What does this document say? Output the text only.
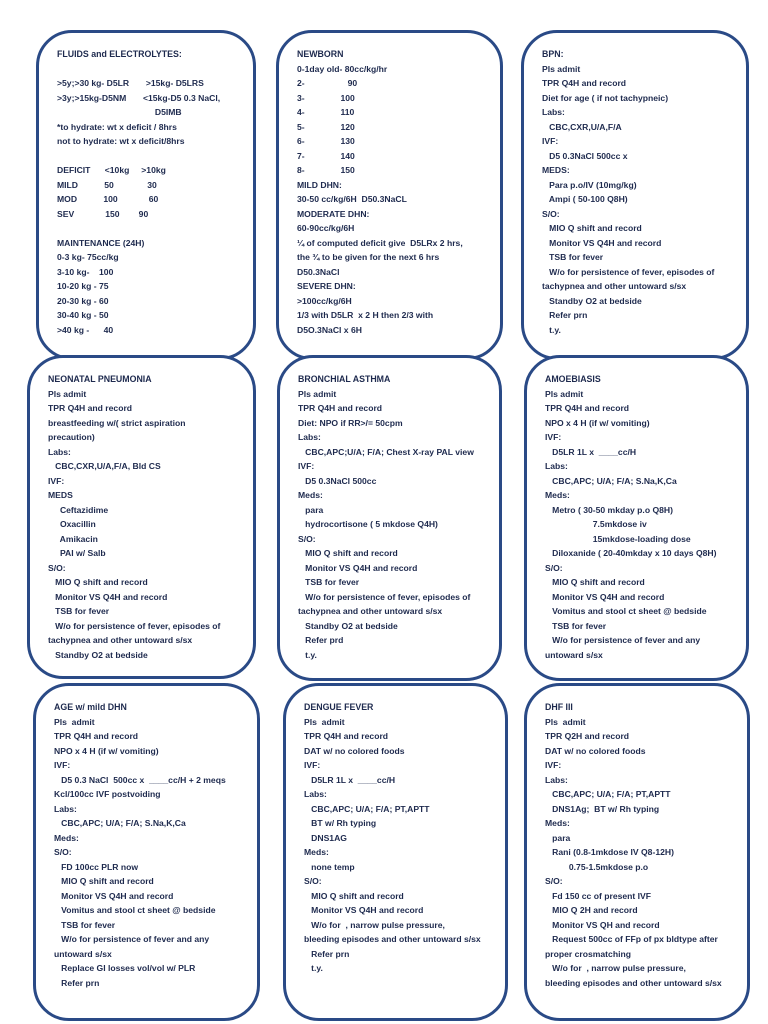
FLUIDS and ELECTROLYTES:

>5y;>30 kg- D5LR       >15kg- D5LRS
>3y;>15kg-D5NM       <15kg-D5 0.3 NaCl,
D5IMB
*to hydrate: wt x deficit / 8hrs
not to hydrate: wt x deficit/8hrs

DEFICIT      <10kg     >10kg
MILD           50              30
MOD           100             60
SEV             150        90

MAINTENANCE (24H)
0-3 kg- 75cc/kg
3-10 kg-    100
10-20 kg - 75
20-30 kg - 60
30-40 kg - 50
>40 kg -      40
NEWBORN
0-1day old- 80cc/kg/hr
2-                  90
3-               100
4-               110
5-               120
6-               130
7-               140
8-               150
MILD DHN:
30-50 cc/kg/6H  D50.3NaCL
MODERATE DHN:
60-90cc/kg/6H
¼ of computed deficit give  D5LRx 2 hrs,
the ¾ to be given for the next 6 hrs
D50.3NaCl
SEVERE DHN:
>100cc/kg/6H
1/3 with D5LR  x 2 H then 2/3 with
D5O.3NaCl x 6H
BPN:
Pls admit
TPR Q4H and record
Diet for age ( if not tachypneic)
Labs:
CBC,CXR,U/A,F/A
IVF:
D5 0.3NaCl 500cc x
MEDS:
Para p.o/IV (10mg/kg)
Ampi ( 50-100 Q8H)
S/O:
MIO Q shift and record
Monitor VS Q4H and record
TSB for fever
W/o for persistence of fever, episodes of
tachypnea and other untoward s/sx
Standby O2 at bedside
Refer prn
t.y.
NEONATAL PNEUMONIA
Pls admit
TPR Q4H and record
breastfeeding w/( strict aspiration
precaution)
Labs:
CBC,CXR,U/A,F/A, Bld CS
IVF:
MEDS
Ceftazidime
Oxacillin
Amikacin
PAI w/ Salb
S/O:
MIO Q shift and record
Monitor VS Q4H and record
TSB for fever
W/o for persistence of fever, episodes of
tachypnea and other untoward s/sx
Standby O2 at bedside
BRONCHIAL ASTHMA
Pls admit
TPR Q4H and record
Diet: NPO if RR>/= 50cpm
Labs:
CBC,APC;U/A; F/A; Chest X-ray PAL view
IVF:
D5 0.3NaCl 500cc
Meds:
para
hydrocortisone ( 5 mkdose Q4H)
S/O:
MIO Q shift and record
Monitor VS Q4H and record
TSB for fever
W/o for persistence of fever, episodes of
tachypnea and other untoward s/sx
Standby O2 at bedside
Refer prd
t.y.
AMOEBIASIS
Pls admit
TPR Q4H and record
NPO x 4 H (if w/ vomiting)
IVF:
D5LR 1L x  ____cc/H
Labs:
CBC,APC; U/A; F/A; S.Na,K,Ca
Meds:
Metro ( 30-50 mkday p.o Q8H)
7.5mkdose iv
15mkdose-loading dose
Diloxanide ( 20-40mkday x 10 days Q8H)
S/O:
MIO Q shift and record
Monitor VS Q4H and record
Vomitus and stool ct sheet @ bedside
TSB for fever
W/o for persistence of fever and any
untoward s/sx
AGE w/ mild DHN
Pls  admit
TPR Q4H and record
NPO x 4 H (if w/ vomiting)
IVF:
D5 0.3 NaCl  500cc x  ____cc/H + 2 meqs
Kcl/100cc IVF postvoiding
Labs:
CBC,APC; U/A; F/A; S.Na,K,Ca
Meds:
S/O:
FD 100cc PLR now
MIO Q shift and record
Monitor VS Q4H and record
Vomitus and stool ct sheet @ bedside
TSB for fever
W/o for persistence of fever and any
untoward s/sx
Replace GI losses vol/vol w/ PLR
Refer prn
DENGUE FEVER
Pls  admit
TPR Q4H and record
DAT w/ no colored foods
IVF:
D5LR 1L x  ____cc/H
Labs:
CBC,APC; U/A; F/A; PT,APTT
BT w/ Rh typing
DNS1AG
Meds:
none temp
S/O:
MIO Q shift and record
Monitor VS Q4H and record
W/o for  , narrow pulse pressure,
bleeding episodes and other untoward s/sx
Refer prn
t.y.
DHF III
Pls  admit
TPR Q2H and record
DAT w/ no colored foods
IVF:
Labs:
CBC,APC; U/A; F/A; PT,APTT
DNS1Ag;  BT w/ Rh typing
Meds:
para
Rani (0.8-1mkdose IV Q8-12H)
0.75-1.5mkdose p.o
S/O:
Fd 150 cc of present IVF
MIO Q 2H and record
Monitor VS QH and record
Request 500cc of FFp of px bldtype after
proper crosmatching
W/o for  , narrow pulse pressure,
bleeding episodes and other untoward s/sx
